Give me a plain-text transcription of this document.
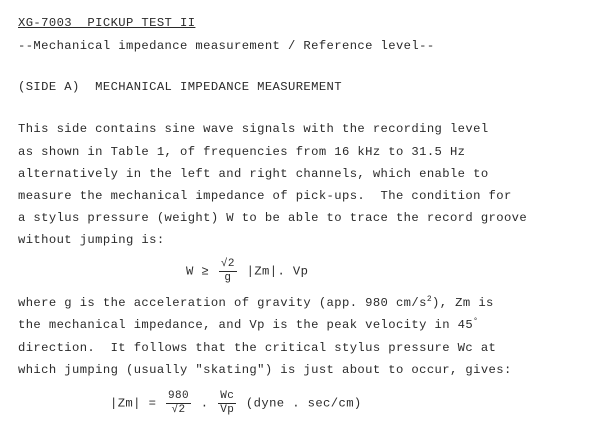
XG-7003  PICKUP TEST II
--Mechanical impedance measurement / Reference level--
(SIDE A)  MECHANICAL IMPEDANCE MEASUREMENT
This side contains sine wave signals with the recording level
as shown in Table 1, of frequencies from 16 kHz to 31.5 Hz
alternatively in the left and right channels, which enable to
measure the mechanical impedance of pick-ups.  The condition for
a stylus pressure (weight) W to be able to trace the record groove
without jumping is:
$W \ge \frac{√2}{g} |Zm|$. Vp
where g is the acceleration of gravity (app. 980 $cm/s^2$), Zm is
the mechanical impedance, and Vp is the peak velocity in 45°
direction.  It follows that the critical stylus pressure Wc at
which jumping (usually "skating") is just about to occur, gives:
$|Zm| = \frac{980}{√2}$ . $\frac{Wc}{Vp}$ (dyne . sec/cm)
